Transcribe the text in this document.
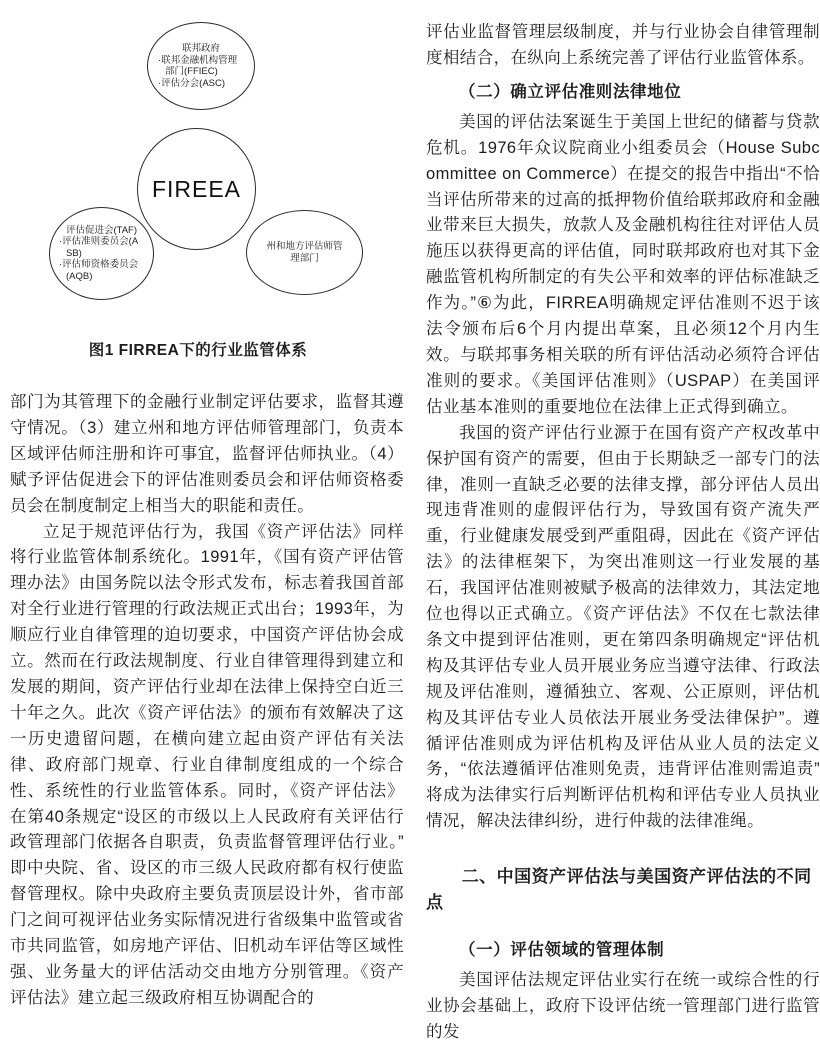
联邦政府
·联邦金融机构管理部门(FFIEC)
·评估分会(ASC)
FIREEA
评估促进会(TAF)
·评估准则委员会(ASB)
·评估师资格委员会(AQB)
州和地方评估师管理部门
图1 FIRREA下的行业监管体系

部门为其管理下的金融行业制定评估要求，监督其遵守情况。（3）建立州和地方评估师管理部门，负责本区域评估师注册和许可事宜，监督评估师执业。（4）赋予评估促进会下的评估准则委员会和评估师资格委员会在制度制定上相当大的职能和责任。

立足于规范评估行为，我国《资产评估法》同样将行业监管体制系统化。1991年，《国有资产评估管理办法》由国务院以法令形式发布，标志着我国首部对全行业进行管理的行政法规正式出台；1993年，为顺应行业自律管理的迫切要求，中国资产评估协会成立。然而在行政法规制度、行业自律管理得到建立和发展的期间，资产评估行业却在法律上保持空白近三十年之久。此次《资产评估法》的颁布有效解决了这一历史遗留问题，在横向建立起由资产评估有关法律、政府部门规章、行业自律制度组成的一个综合性、系统性的行业监管体系。同时，《资产评估法》在第40条规定“设区的市级以上人民政府有关评估行政管理部门依据各自职责，负责监督管理评估行业。”即中央院、省、设区的市三级人民政府都有权行使监督管理权。除中央政府主要负责顶层设计外，省市部门之间可视评估业务实际情况进行省级集中监管或省市共同监管，如房地产评估、旧机动车评估等区域性强、业务量大的评估活动交由地方分别管理。《资产评估法》建立起三级政府相互协调配合的

评估业监督管理层级制度，并与行业协会自律管理制度相结合，在纵向上系统完善了评估行业监管体系。

（二）确立评估准则法律地位

美国的评估法案诞生于美国上世纪的储蓄与贷款危机。1976年众议院商业小组委员会（House Subcommittee on Commerce）在提交的报告中指出“不恰当评估所带来的过高的抵押物价值给联邦政府和金融业带来巨大损失，放款人及金融机构往往对评估人员施压以获得更高的评估值，同时联邦政府也对其下金融监管机构所制定的有失公平和效率的评估标准缺乏作为。”⑥为此，FIRREA明确规定评估准则不迟于该法令颁布后6个月内提出草案，且必须12个月内生效。与联邦事务相关联的所有评估活动必须符合评估准则的要求。《美国评估准则》（USPAP）在美国评估业基本准则的重要地位在法律上正式得到确立。

我国的资产评估行业源于在国有资产产权改革中保护国有资产的需要，但由于长期缺乏一部专门的法律，准则一直缺乏必要的法律支撑，部分评估人员出现违背准则的虚假评估行为，导致国有资产流失严重，行业健康发展受到严重阻碍，因此在《资产评估法》的法律框架下，为突出准则这一行业发展的基石，我国评估准则被赋予极高的法律效力，其法定地位也得以正式确立。《资产评估法》不仅在七款法律条文中提到评估准则，更在第四条明确规定“评估机构及其评估专业人员开展业务应当遵守法律、行政法规及评估准则，遵循独立、客观、公正原则，评估机构及其评估专业人员依法开展业务受法律保护”。遵循评估准则成为评估机构及评估从业人员的法定义务，“依法遵循评估准则免责，违背评估准则需追责”将成为法律实行后判断评估机构和评估专业人员执业情况，解决法律纠纷，进行仲裁的法律准绳。

二、中国资产评估法与美国资产评估法的不同点
（一）评估领域的管理体制

美国评估法规定评估业实行在统一或综合性的行业协会基础上，政府下设评估统一管理部门进行监管的发
